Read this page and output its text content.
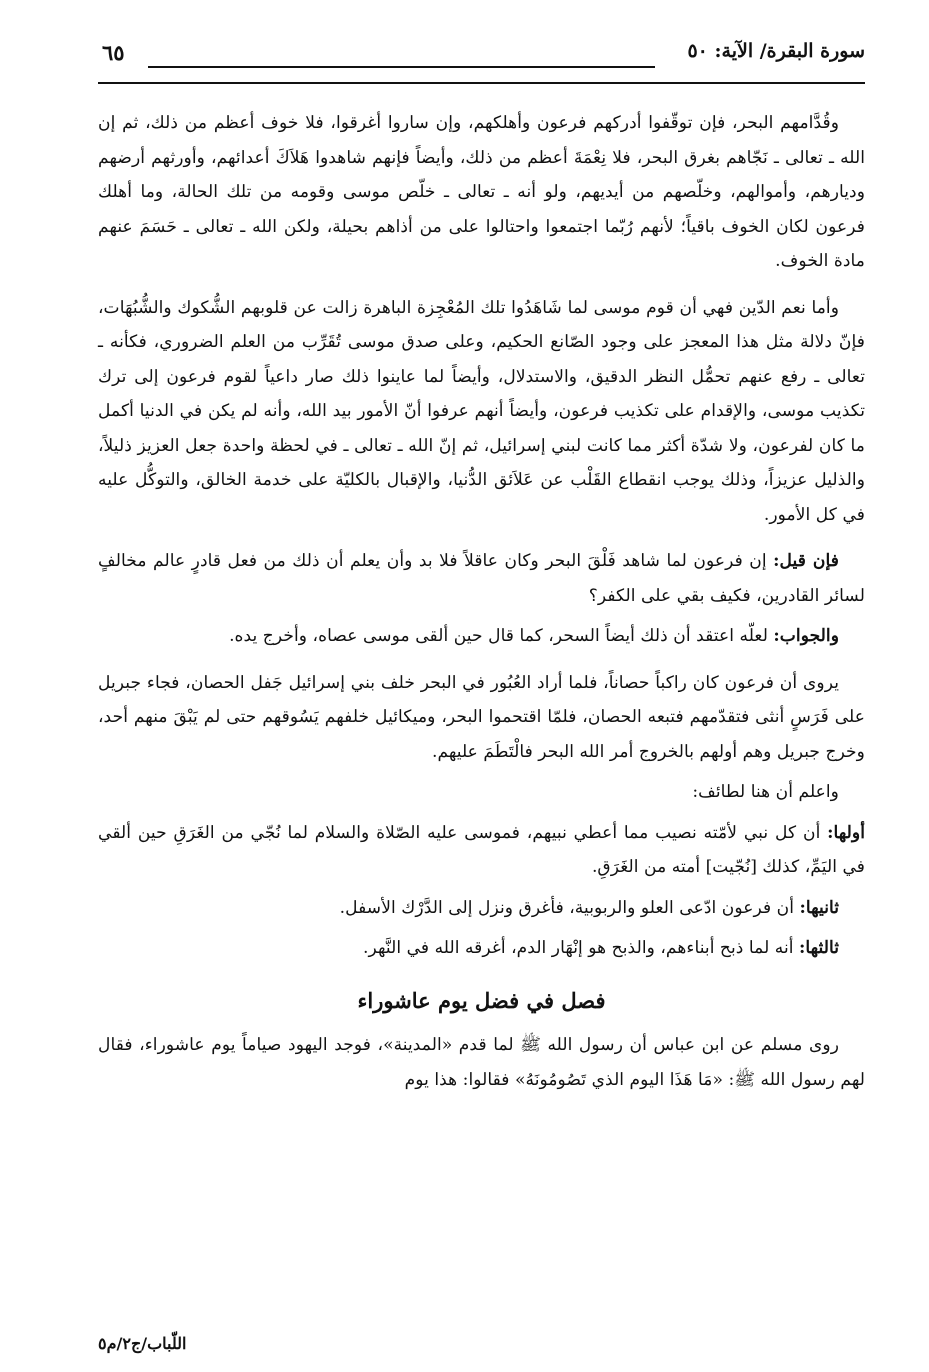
سورة البقرة/ الآية: ٥٠
٦٥

وقُدَّامهم البحر، فإن توقّفوا أدركهم فرعون وأهلكهم، وإن ساروا أغرقوا، فلا خوف أعظم من ذلك، ثم إن الله ـ تعالى ـ نَجّاهم بغرق البحر، فلا نِعْمَةَ أعظم من ذلك، وأيضاً فإنهم شاهدوا هَلاَكَ أعدائهم، وأورثهم أرضهم وديارهم، وأموالهم، وخلّصهم من أيديهم، ولو أنه ـ تعالى ـ خلّص موسى وقومه من تلك الحالة، وما أهلك فرعون لكان الخوف باقياً؛ لأنهم رُبّما اجتمعوا واحتالوا على من أذاهم بحيلة، ولكن الله ـ تعالى ـ حَسَمَ عنهم مادة الخوف.

وأما نعم الدّين فهي أن قوم موسى لما شَاهَدُوا تلك المُعْجِزة الباهرة زالت عن قلوبهم الشُّكوك والشُّبُهَات، فإنّ دلالة مثل هذا المعجز على وجود الصّانع الحكيم، وعلى صدق موسى تُقَرِّب من العلم الضروري، فكأنه ـ تعالى ـ رفع عنهم تحمُّل النظر الدقيق، والاستدلال، وأيضاً لما عاينوا ذلك صار داعياً لقوم فرعون إلى ترك تكذيب موسى، والإقدام على تكذيب فرعون، وأيضاً أنهم عرفوا أنّ الأمور بيد الله، وأنه لم يكن في الدنيا أكمل ما كان لفرعون، ولا شدّة أكثر مما كانت لبني إسرائيل، ثم إنّ الله ـ تعالى ـ في لحظة واحدة جعل العزيز ذليلاً، والذليل عزيزاً، وذلك يوجب انقطاع القَلْب عن عَلاَئق الدُّنيا، والإقبال بالكليّة على خدمة الخالق، والتوكُّل عليه في كل الأمور.

فإن قيل: إن فرعون لما شاهد فَلْقَ البحر وكان عاقلاً فلا بد وأن يعلم أن ذلك من فعل قادرٍ عالم مخالفٍ لسائر القادرين، فكيف بقي على الكفر؟

والجواب: لعلّه اعتقد أن ذلك أيضاً السحر، كما قال حين ألقى موسى عصاه، وأخرج يده.

يروى أن فرعون كان راكباً حصاناً، فلما أراد العُبُور في البحر خلف بني إسرائيل جَفل الحصان، فجاء جبريل على فَرَسٍ أنثى فتقدّمهم فتبعه الحصان، فلمّا اقتحموا البحر، وميكائيل خلفهم يَسُوقهم حتى لم يَبْقَ منهم أحد، وخرج جبريل وهم أولهم بالخروج أمر الله البحر فالْتَطَمَ عليهم.

واعلم أن هنا لطائف:

أولها: أن كل نبي لأمّته نصيب مما أعطي نبيهم، فموسى عليه الصّلاة والسلام لما نُجّي من الغَرَقِ حين ألقي في اليَمِّ، كذلك [نُجّيت] أمته من الغَرَقِ.

ثانيها: أن فرعون ادّعى العلو والربوبية، فأغرق ونزل إلى الدَّرْك الأسفل.

ثالثها: أنه لما ذبح أبناءهم، والذبح هو إنْهَار الدم، أغرقه الله في النَّهر.

فصل في فضل يوم عاشوراء

روى مسلم عن ابن عباس أن رسول الله ﷺ لما قدم «المدينة»، فوجد اليهود صياماً يوم عاشوراء، فقال لهم رسول الله ﷺ: «مَا هَذَا اليوم الذي تَصُومُونَهُ» فقالوا: هذا يوم

اللّباب/ج٢/م٥
